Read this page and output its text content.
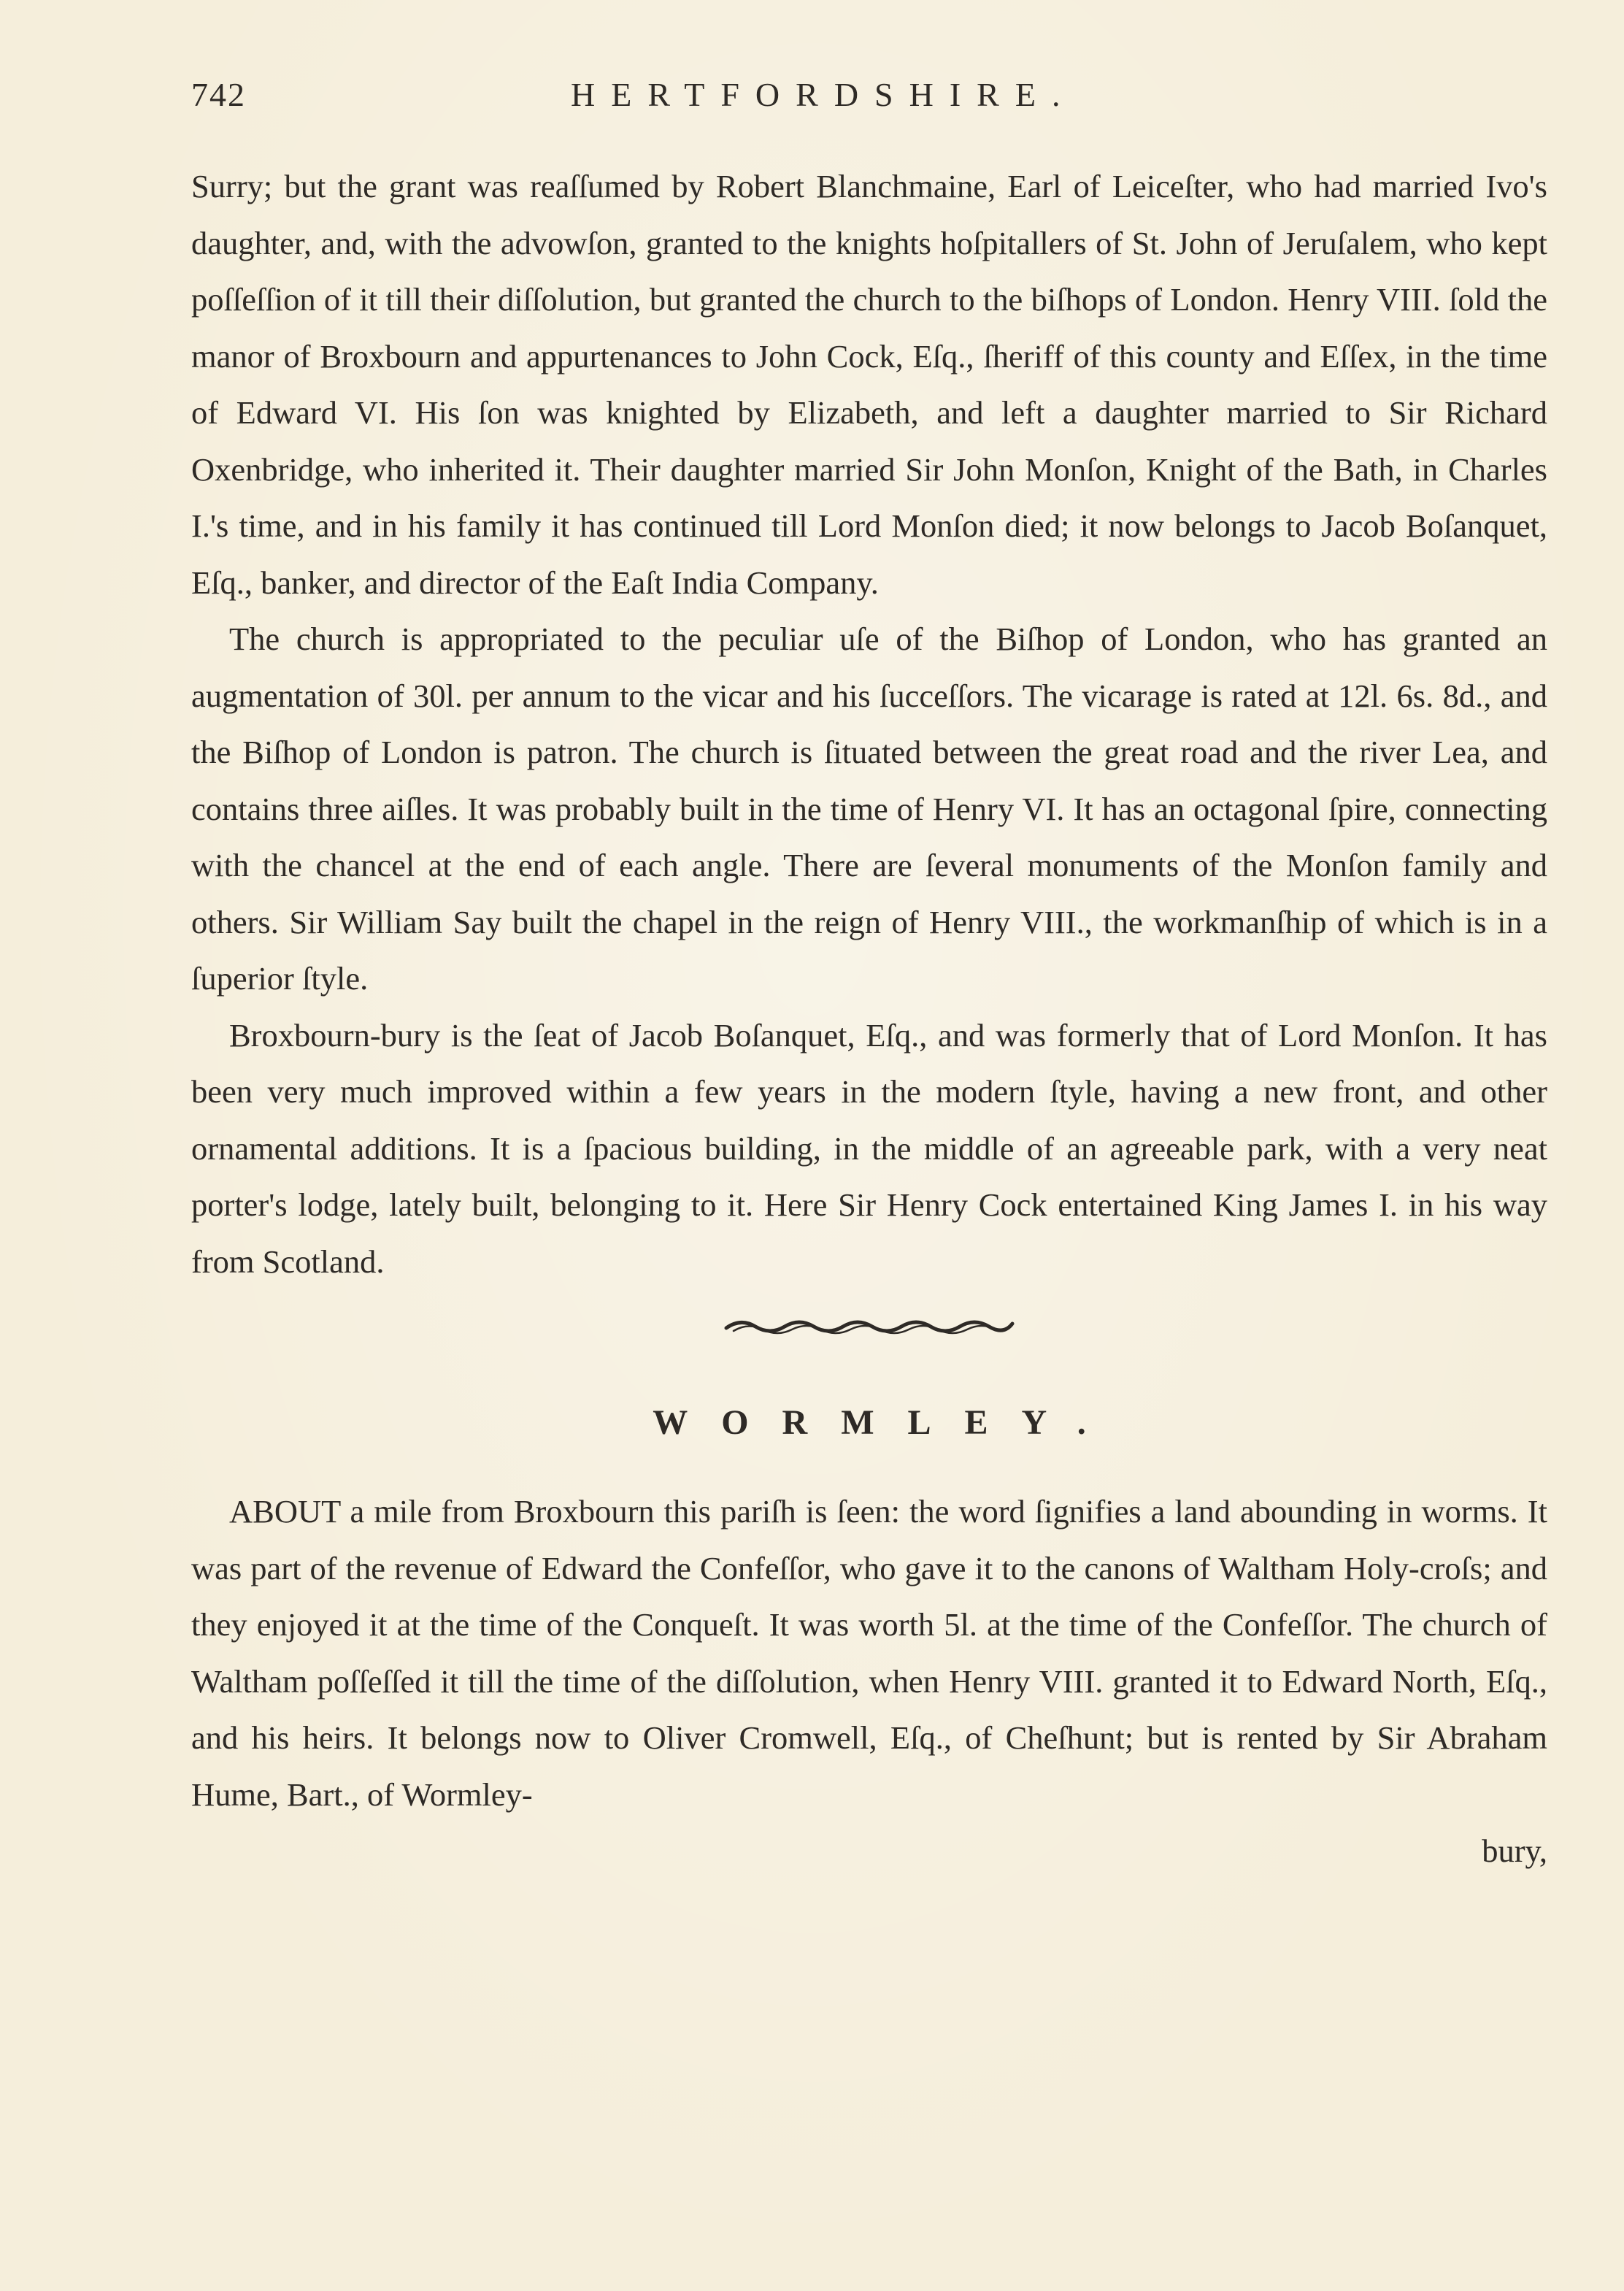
742	HERTFORDSHIRE.

Surry; but the grant was reaſſumed by Robert Blanchmaine, Earl of Leiceſter, who had married Ivo's daughter, and, with the advowſon, granted to the knights hoſpitallers of St. John of Jeruſalem, who kept poſſeſſion of it till their diſſolution, but granted the church to the biſhops of London. Henry VIII. ſold the manor of Broxbourn and appurtenances to John Cock, Eſq., ſheriff of this county and Eſſex, in the time of Edward VI. His ſon was knighted by Elizabeth, and left a daughter married to Sir Richard Oxenbridge, who inherited it. Their daughter married Sir John Monſon, Knight of the Bath, in Charles I.'s time, and in his family it has continued till Lord Monſon died; it now belongs to Jacob Boſanquet, Eſq., banker, and director of the Eaſt India Company.

The church is appropriated to the peculiar uſe of the Biſhop of London, who has granted an augmentation of 30l. per annum to the vicar and his ſucceſſors. The vicarage is rated at 12l. 6s. 8d., and the Biſhop of London is patron. The church is ſituated between the great road and the river Lea, and contains three aiſles. It was probably built in the time of Henry VI. It has an octagonal ſpire, connecting with the chancel at the end of each angle. There are ſeveral monuments of the Monſon family and others. Sir William Say built the chapel in the reign of Henry VIII., the workmanſhip of which is in a ſuperior ſtyle.

Broxbourn-bury is the ſeat of Jacob Boſanquet, Eſq., and was formerly that of Lord Monſon. It has been very much improved within a few years in the modern ſtyle, having a new front, and other ornamental additions. It is a ſpacious building, in the middle of an agreeable park, with a very neat porter's lodge, lately built, belonging to it. Here Sir Henry Cock entertained King James I. in his way from Scotland.

WORMLEY.

ABOUT a mile from Broxbourn this pariſh is ſeen: the word ſignifies a land abounding in worms. It was part of the revenue of Edward the Confeſſor, who gave it to the canons of Waltham Holy-croſs; and they enjoyed it at the time of the Conqueſt. It was worth 5l. at the time of the Confeſſor. The church of Waltham poſſeſſed it till the time of the diſſolution, when Henry VIII. granted it to Edward North, Eſq., and his heirs. It belongs now to Oliver Cromwell, Eſq., of Cheſhunt; but is rented by Sir Abraham Hume, Bart., of Wormley-

bury,
